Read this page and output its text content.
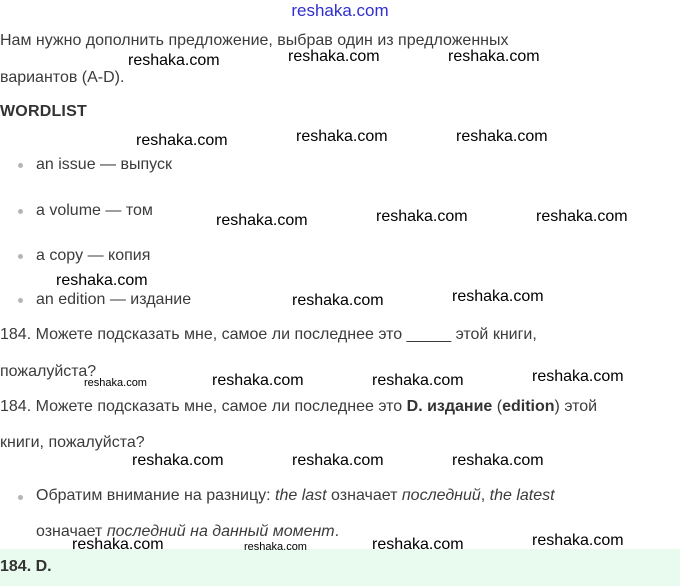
reshaka.com
Нам нужно дополнить предложение, выбрав один из предложенных
вариантов (A-D).
WORDLIST
an issue — выпуск
a volume — том
a copy — копия
an edition — издание
184. Можете подсказать мне, самое ли последнее это _____ этой книги,
пожалуйста?
184. Можете подсказать мне, самое ли последнее это D. издание (edition) этой
книги, пожалуйста?
Обратим внимание на разницу: the last означает последний, the latest
означает последний на данный момент.
184. D.
reshaka.com	reshaka.com	reshaka.com
reshaka.com	reshaka.com	reshaka.com
reshaka.com	reshaka.com	reshaka.com
reshaka.com
reshaka.com	reshaka.com
reshaka.com	reshaka.com	reshaka.com	reshaka.com
reshaka.com	reshaka.com	reshaka.com
reshaka.com	reshaka.com	reshaka.com	reshaka.com
